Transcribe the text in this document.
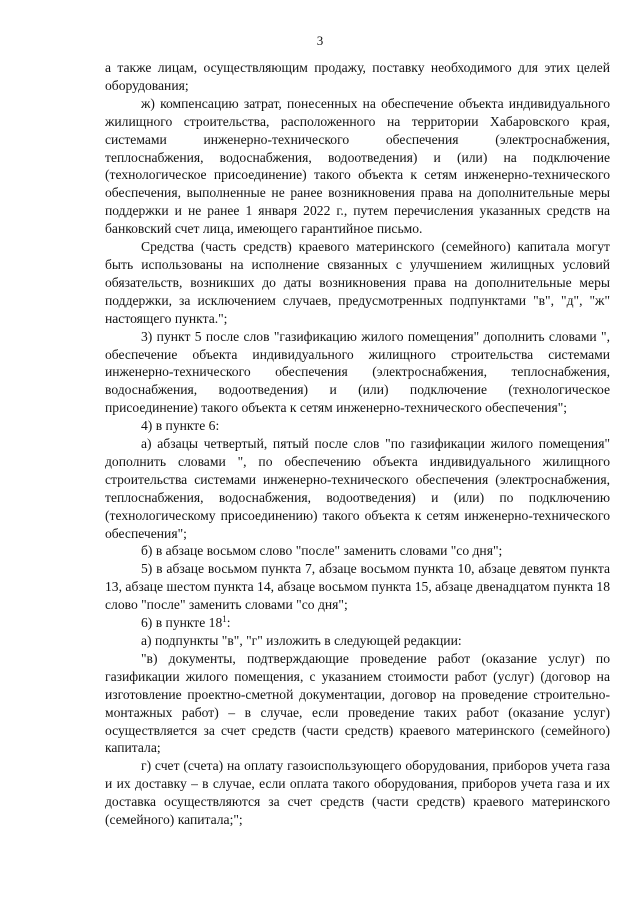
3

а также лицам, осуществляющим продажу, поставку необходимого для этих целей оборудования;

ж) компенсацию затрат, понесенных на обеспечение объекта индивидуального жилищного строительства, расположенного на территории Хабаровского края, системами инженерно-технического обеспечения (электроснабжения, теплоснабжения, водоснабжения, водоотведения) и (или) на подключение (технологическое присоединение) такого объекта к сетям инженерно-технического обеспечения, выполненные не ранее возникновения права на дополнительные меры поддержки и не ранее 1 января 2022 г., путем перечисления указанных средств на банковский счет лица, имеющего гарантийное письмо.

Средства (часть средств) краевого материнского (семейного) капитала могут быть использованы на исполнение связанных с улучшением жилищных условий обязательств, возникших до даты возникновения права на дополнительные меры поддержки, за исключением случаев, предусмотренных подпунктами "в", "д", "ж" настоящего пункта.";

3) пункт 5 после слов "газификацию жилого помещения" дополнить словами ", обеспечение объекта индивидуального жилищного строительства системами инженерно-технического обеспечения (электроснабжения, теплоснабжения, водоснабжения, водоотведения) и (или) подключение (технологическое присоединение) такого объекта к сетям инженерно-технического обеспечения";

4) в пункте 6:

а) абзацы четвертый, пятый после слов "по газификации жилого помещения" дополнить словами ", по обеспечению объекта индивидуального жилищного строительства системами инженерно-технического обеспечения (электроснабжения, теплоснабжения, водоснабжения, водоотведения) и (или) по подключению (технологическому присоединению) такого объекта к сетям инженерно-технического обеспечения";

б) в абзаце восьмом слово "после" заменить словами "со дня";

5) в абзаце восьмом пункта 7, абзаце восьмом пункта 10, абзаце девятом пункта 13, абзаце шестом пункта 14, абзаце восьмом пункта 15, абзаце двенадцатом пункта 18 слово "после" заменить словами "со дня";

6) в пункте $18^1$:

а) подпункты "в", "г" изложить в следующей редакции:

"в) документы, подтверждающие проведение работ (оказание услуг) по газификации жилого помещения, с указанием стоимости работ (услуг) (договор на изготовление проектно-сметной документации, договор на проведение строительно-монтажных работ) – в случае, если проведение таких работ (оказание услуг) осуществляется за счет средств (части средств) краевого материнского (семейного) капитала;

г) счет (счета) на оплату газоиспользующего оборудования, приборов учета газа и их доставку – в случае, если оплата такого оборудования, приборов учета газа и их доставка осуществляются за счет средств (части средств) краевого материнского (семейного) капитала;";
